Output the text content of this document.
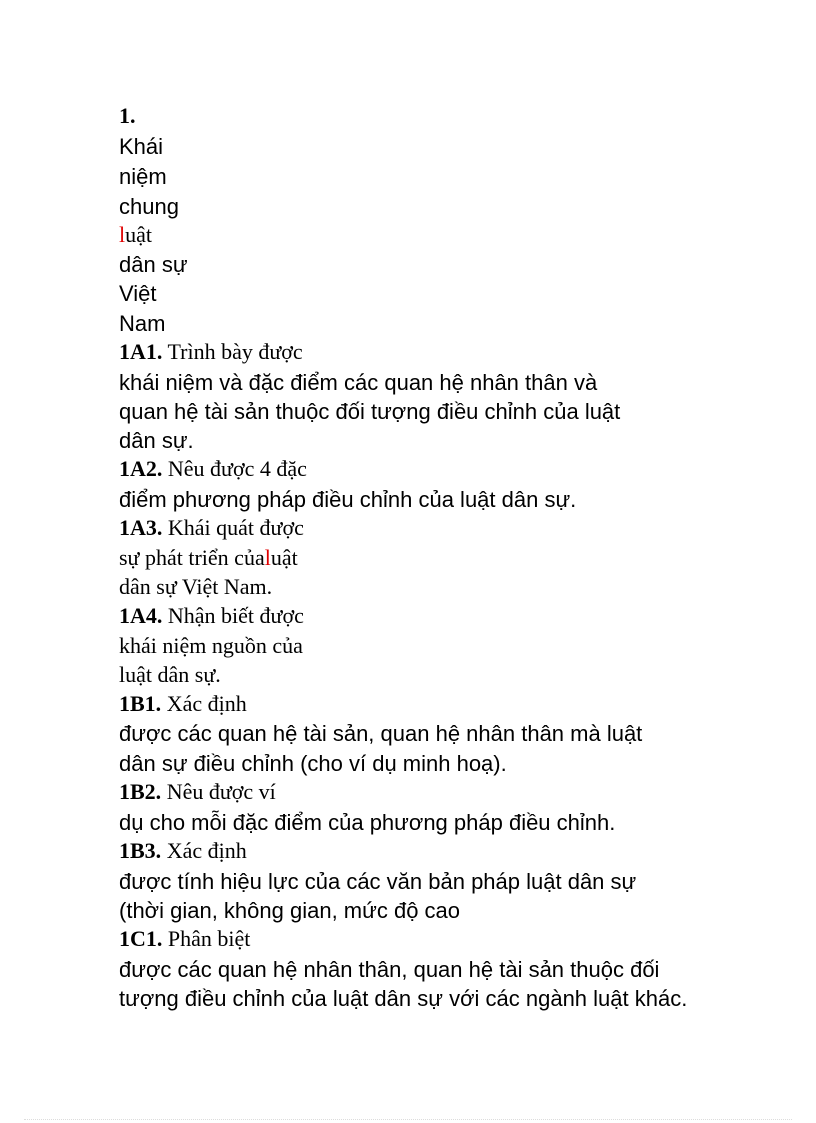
1.
Khái
niệm
chung
luật
dân sự
Việt
Nam
1A1. Trình bày được
khái niệm và đặc điểm các quan hệ nhân thân và
quan hệ tài sản thuộc đối tượng điều chỉnh của luật
dân sự.
1A2. Nêu được 4 đặc
điểm phương pháp điều chỉnh của luật dân sự.
1A3. Khái quát được
sự phát triển củaluật
dân sự Việt Nam.
1A4. Nhận biết được
khái niệm nguồn của
luật dân sự.
1B1. Xác định
được các quan hệ tài sản, quan hệ nhân thân mà luật
dân sự điều chỉnh (cho ví dụ minh hoạ).
1B2. Nêu được ví
dụ cho mỗi đặc điểm của phương pháp điều chỉnh.
1B3. Xác định
được tính hiệu lực của các văn bản pháp luật dân sự
(thời gian, không gian, mức độ cao
1C1. Phân biệt
được các quan hệ nhân thân, quan hệ tài sản thuộc đối
tượng điều chỉnh của luật dân sự với các ngành luật khác.
